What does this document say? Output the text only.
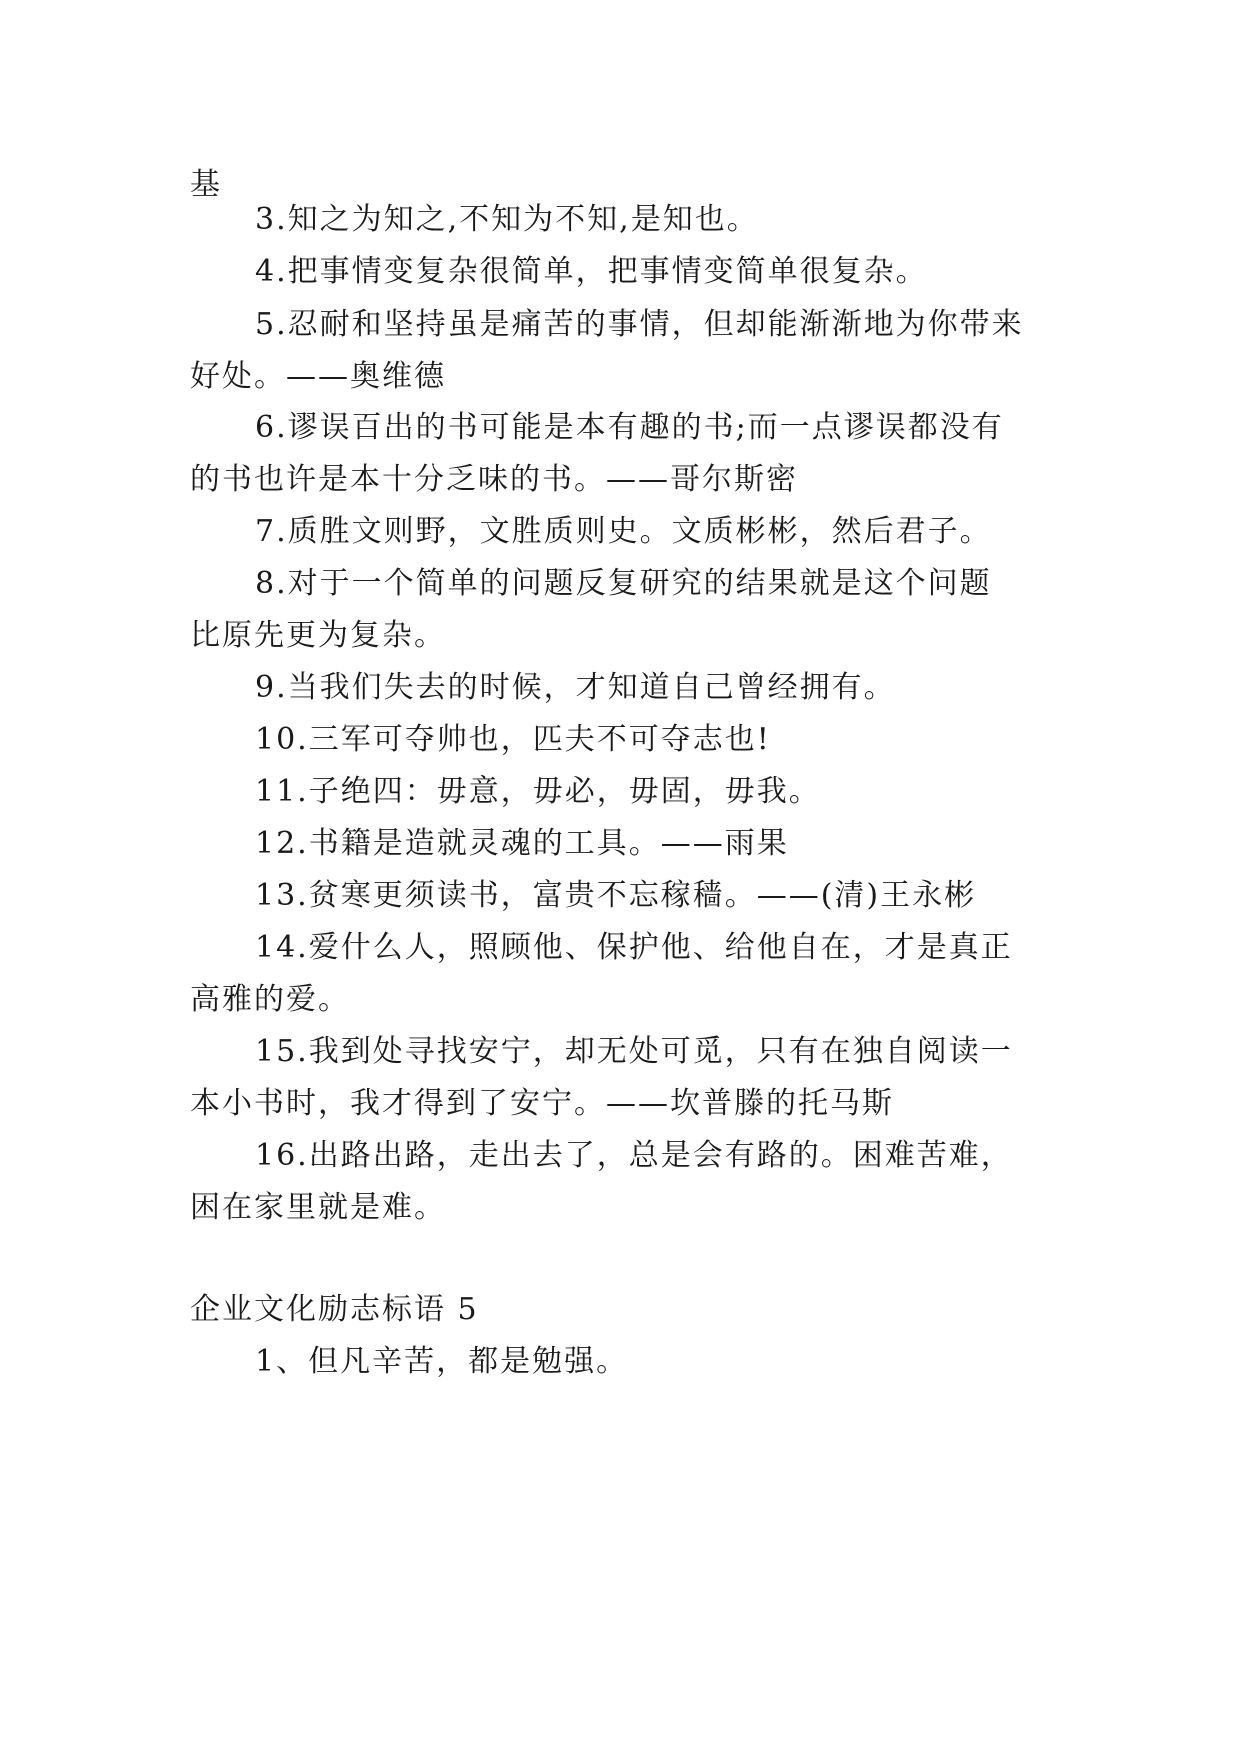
基
3.知之为知之,不知为不知,是知也。
4.把事情变复杂很简单，把事情变简单很复杂。
5.忍耐和坚持虽是痛苦的事情，但却能渐渐地为你带来
好处。——奥维德
6.谬误百出的书可能是本有趣的书;而一点谬误都没有
的书也许是本十分乏味的书。——哥尔斯密
7.质胜文则野，文胜质则史。文质彬彬，然后君子。
8.对于一个简单的问题反复研究的结果就是这个问题
比原先更为复杂。
9.当我们失去的时候，才知道自己曾经拥有。
10.三军可夺帅也，匹夫不可夺志也!
11.子绝四：毋意，毋必，毋固，毋我。
12.书籍是造就灵魂的工具。——雨果
13.贫寒更须读书，富贵不忘稼穑。——(清)王永彬
14.爱什么人，照顾他、保护他、给他自在，才是真正
高雅的爱。
15.我到处寻找安宁，却无处可觅，只有在独自阅读一
本小书时，我才得到了安宁。——坎普滕的托马斯
16.出路出路，走出去了，总是会有路的。困难苦难，
困在家里就是难。
企业文化励志标语 5
1、但凡辛苦，都是勉强。
